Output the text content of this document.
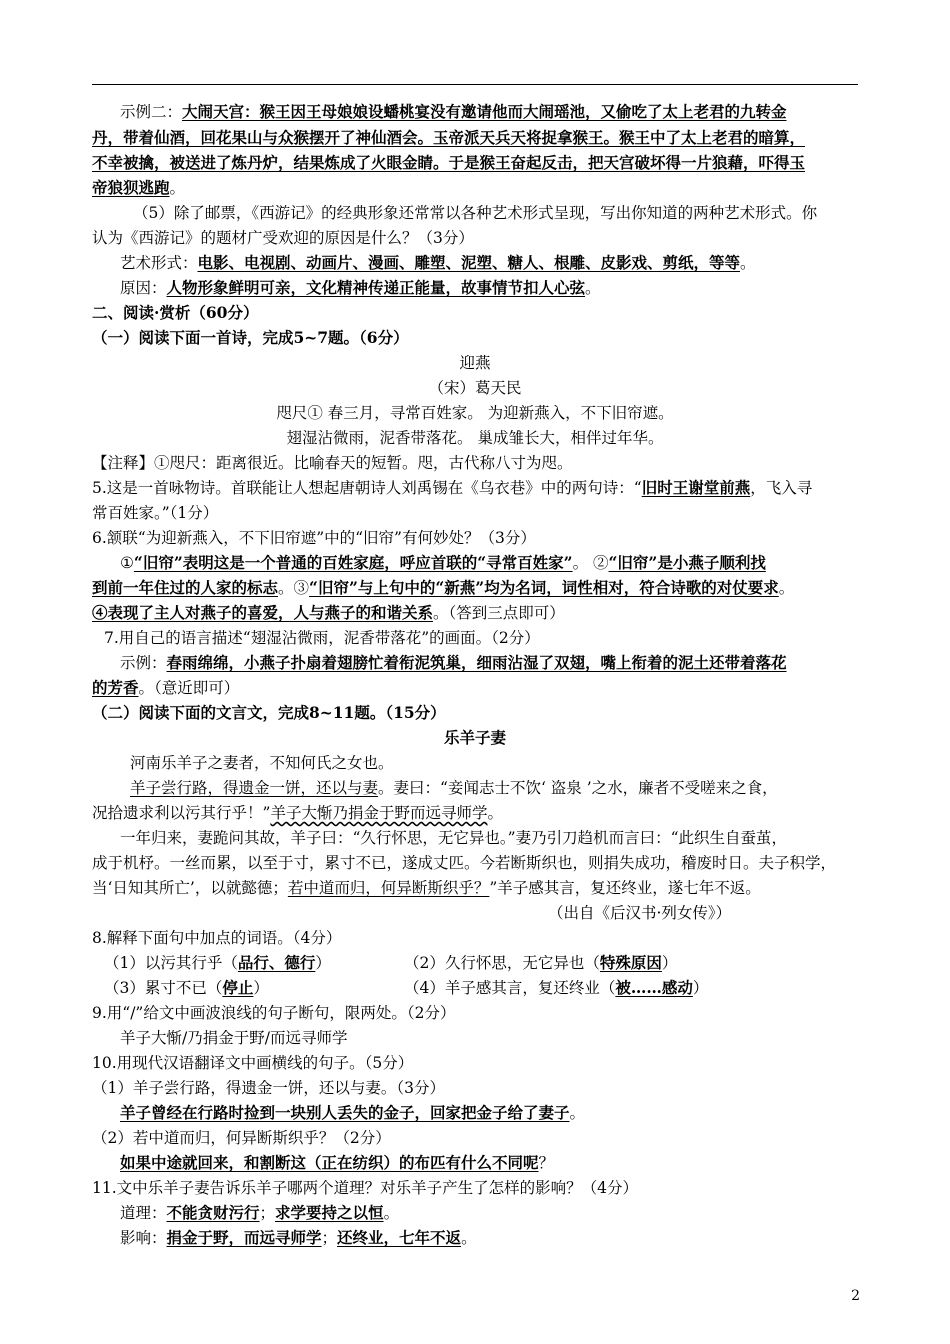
示例二：大闹天宫：猴王因王母娘娘设蟠桃宴没有邀请他而大闹瑶池，又偷吃了太上老君的九转金
丹，带着仙酒，回花果山与众猴摆开了神仙酒会。玉帝派天兵天将捉拿猴王。猴王中了太上老君的暗算，
不幸被擒，被送进了炼丹炉，结果炼成了火眼金睛。于是猴王奋起反击，把天宫破坏得一片狼藉，吓得玉
帝狼狈逃跑。
（5）除了邮票，《西游记》的经典形象还常常以各种艺术形式呈现，写出你知道的两种艺术形式。你
认为《西游记》的题材广受欢迎的原因是什么？（3分）
艺术形式：电影、电视剧、动画片、漫画、雕塑、泥塑、糖人、根雕、皮影戏、剪纸，等等。
原因：人物形象鲜明可亲，文化精神传递正能量，故事情节扣人心弦。
二、阅读·赏析（60分）
（一）阅读下面一首诗，完成5~7题。（6分）
迎燕
（宋）葛天民
咫尺① 春三月，寻常百姓家。 为迎新燕入，不下旧帘遮。
翅湿沾微雨，泥香带落花。 巢成雏长大，相伴过年华。
【注释】①咫尺：距离很近。比喻春天的短暂。咫，古代称八寸为咫。
5.这是一首咏物诗。首联能让人想起唐朝诗人刘禹锡在《乌衣巷》中的两句诗：“旧时王谢堂前燕，飞入寻
常百姓家。”（1分）
6.颔联“为迎新燕入，不下旧帘遮”中的“旧帘”有何妙处？（3分）
①“旧帘”表明这是一个普通的百姓家庭，呼应首联的“寻常百姓家”。 ②“旧帘”是小燕子顺利找
到前一年住过的人家的标志。③“旧帘”与上句中的“新燕”均为名词，词性相对，符合诗歌的对仗要求。
④表现了主人对燕子的喜爱，人与燕子的和谐关系。（答到三点即可）
7.用自己的语言描述“翅湿沾微雨，泥香带落花”的画面。（2分）
示例：春雨绵绵，小燕子扑扇着翅膀忙着衔泥筑巢，细雨沾湿了双翅，嘴上衔着的泥土还带着落花
的芳香。（意近即可）
（二）阅读下面的文言文，完成8~11题。（15分）
乐羊子妻
河南乐羊子之妻者，不知何氏之女也。
羊子尝行路，得遗金一饼，还以与妻。妻曰：“妾闻志士不饮‘ 盗泉 ’之水，廉者不受嗟来之食，
况拾遗求利以污其行乎！”羊子大惭乃捐金于野而远寻师学。
一年归来，妻跪问其故，羊子曰：“久行怀思，无它异也。”妻乃引刀趋机而言曰：“此织生自蚕茧，
成于机杼。一丝而累，以至于寸，累寸不已，遂成丈匹。今若断斯织也，则捐失成功，稽废时日。夫子积学，
当‘日知其所亡’，以就懿德；若中道而归，何异断斯织乎？”羊子感其言，复还终业，遂七年不返。
（出自《后汉书·列女传》）
8.解释下面句中加点的词语。（4分）
（1）以污其行乎（品行、德行）	（2）久行怀思，无它异也（特殊原因）
（3）累寸不已（停止）	（4）羊子感其言，复还终业（被……感动）
9.用“/”给文中画波浪线的句子断句，限两处。（2分）
羊子大惭/乃捐金于野/而远寻师学
10.用现代汉语翻译文中画横线的句子。（5分）
（1）羊子尝行路，得遗金一饼，还以与妻。（3分）
羊子曾经在行路时捡到一块别人丢失的金子，回家把金子给了妻子。
（2）若中道而归，何异断斯织乎？（2分）
如果中途就回来，和割断这（正在纺织）的布匹有什么不同呢？
11.文中乐羊子妻告诉乐羊子哪两个道理？对乐羊子产生了怎样的影响？（4分）
道理：不能贪财污行；求学要持之以恒。
影响：捐金于野，而远寻师学；还终业，七年不返。
2
